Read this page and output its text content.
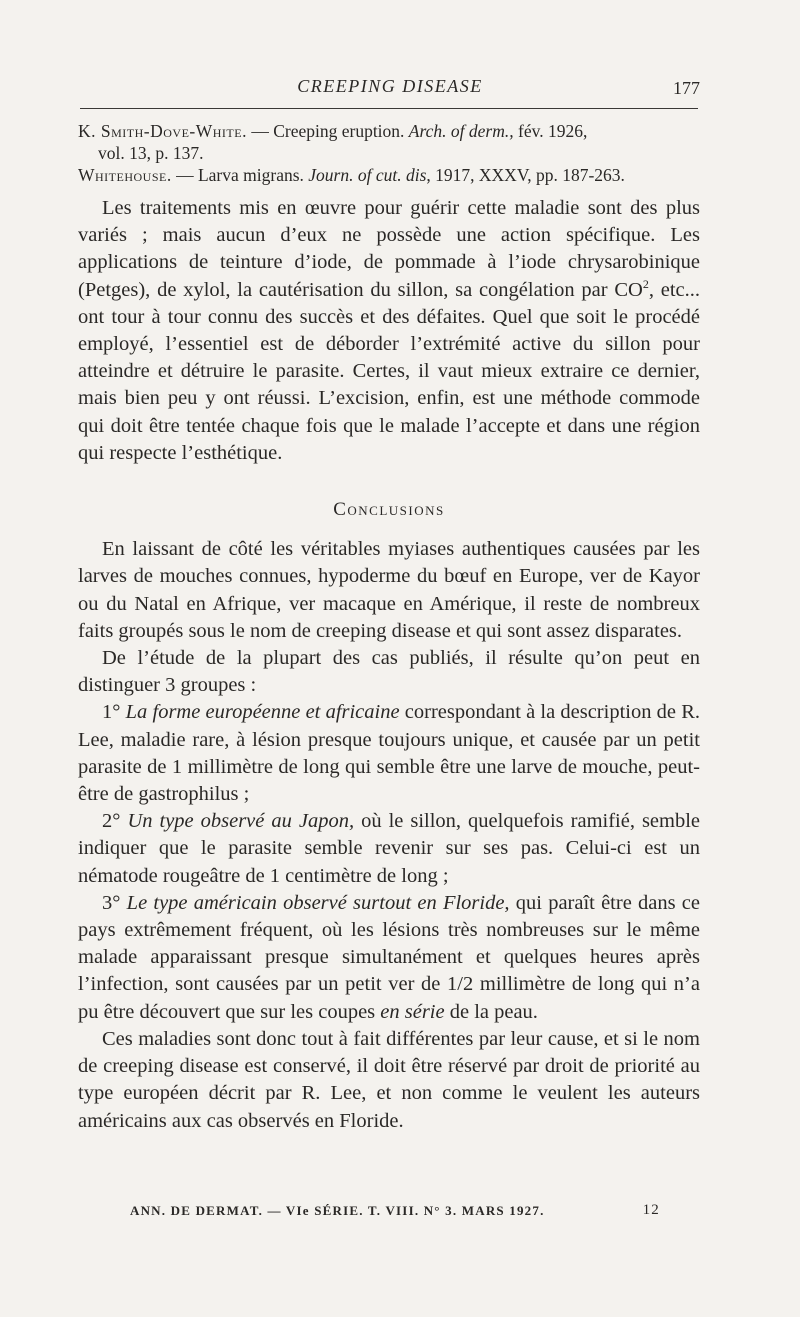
CREEPING DISEASE	177

K. Smith-Dove-White. — Creeping eruption. Arch. of derm., fév. 1926,
vol. 13, p. 137.

Whitehouse. — Larva migrans. Journ. of cut. dis, 1917, XXXV, pp. 187-263.

Les traitements mis en œuvre pour guérir cette maladie sont des plus variés ; mais aucun d’eux ne possède une action spécifique. Les applications de teinture d’iode, de pommade à l’iode chrysarobinique (Petges), de xylol, la cautérisation du sillon, sa congélation par $CO^2$, etc... ont tour à tour connu des succès et des défaites. Quel que soit le procédé employé, l’essentiel est de déborder l’extrémité active du sillon pour atteindre et détruire le parasite. Certes, il vaut mieux extraire ce dernier, mais bien peu y ont réussi. L’excision, enfin, est une méthode commode qui doit être tentée chaque fois que le malade l’accepte et dans une région qui respecte l’esthétique.

Conclusions

En laissant de côté les véritables myiases authentiques causées par les larves de mouches connues, hypoderme du bœuf en Europe, ver de Kayor ou du Natal en Afrique, ver macaque en Amérique, il reste de nombreux faits groupés sous le nom de creeping disease et qui sont assez disparates.

De l’étude de la plupart des cas publiés, il résulte qu’on peut en distinguer 3 groupes :

1° La forme européenne et africaine correspondant à la description de R. Lee, maladie rare, à lésion presque toujours unique, et causée par un petit parasite de 1 millimètre de long qui semble être une larve de mouche, peut-être de gastrophilus ;

2° Un type observé au Japon, où le sillon, quelquefois ramifié, semble indiquer que le parasite semble revenir sur ses pas. Celui-ci est un nématode rougeâtre de 1 centimètre de long ;

3° Le type américain observé surtout en Floride, qui paraît être dans ce pays extrêmement fréquent, où les lésions très nombreuses sur le même malade apparaissant presque simultanément et quelques heures après l’infection, sont causées par un petit ver de 1/2 millimètre de long qui n’a pu être découvert que sur les coupes en série de la peau.

Ces maladies sont donc tout à fait différentes par leur cause, et si le nom de creeping disease est conservé, il doit être réservé par droit de priorité au type européen décrit par R. Lee, et non comme le veulent les auteurs américains aux cas observés en Floride.

ANN. DE DERMAT. — VIe SÉRIE. T. VIII. N° 3. MARS 1927.	12
